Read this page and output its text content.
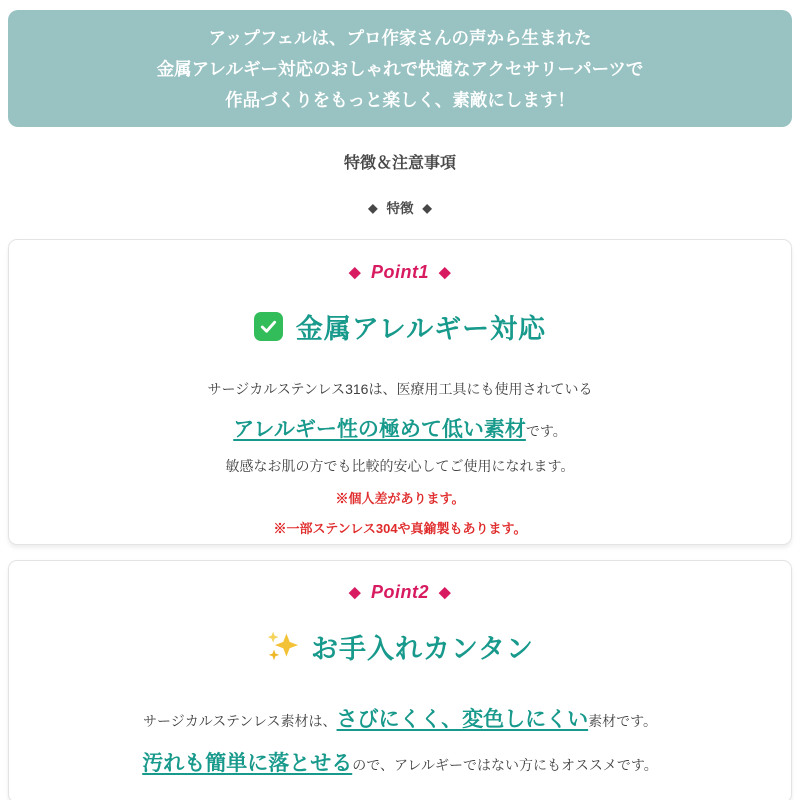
アップフェルは、プロ作家さんの声から生まれた
金属アレルギー対応のおしゃれで快適なアクセサリーパーツで
作品づくりをもっと楽しく、素敵にします！
特徴＆注意事項
◆ 特徴 ◆
◆ Point1 ◆
金属アレルギー対応

サージカルステンレス316は、医療用工具にも使用されている

アレルギー性の極めて低い素材です。

敏感なお肌の方でも比較的安心してご使用になれます。

※個人差があります。

※一部ステンレス304や真鍮製もあります。

◆ Point2 ◆
お手入れカンタン

サージカルステンレス素材は、さびにくく、変色しにくい素材です。

汚れも簡単に落とせるので、アレルギーではない方にもオススメです。
